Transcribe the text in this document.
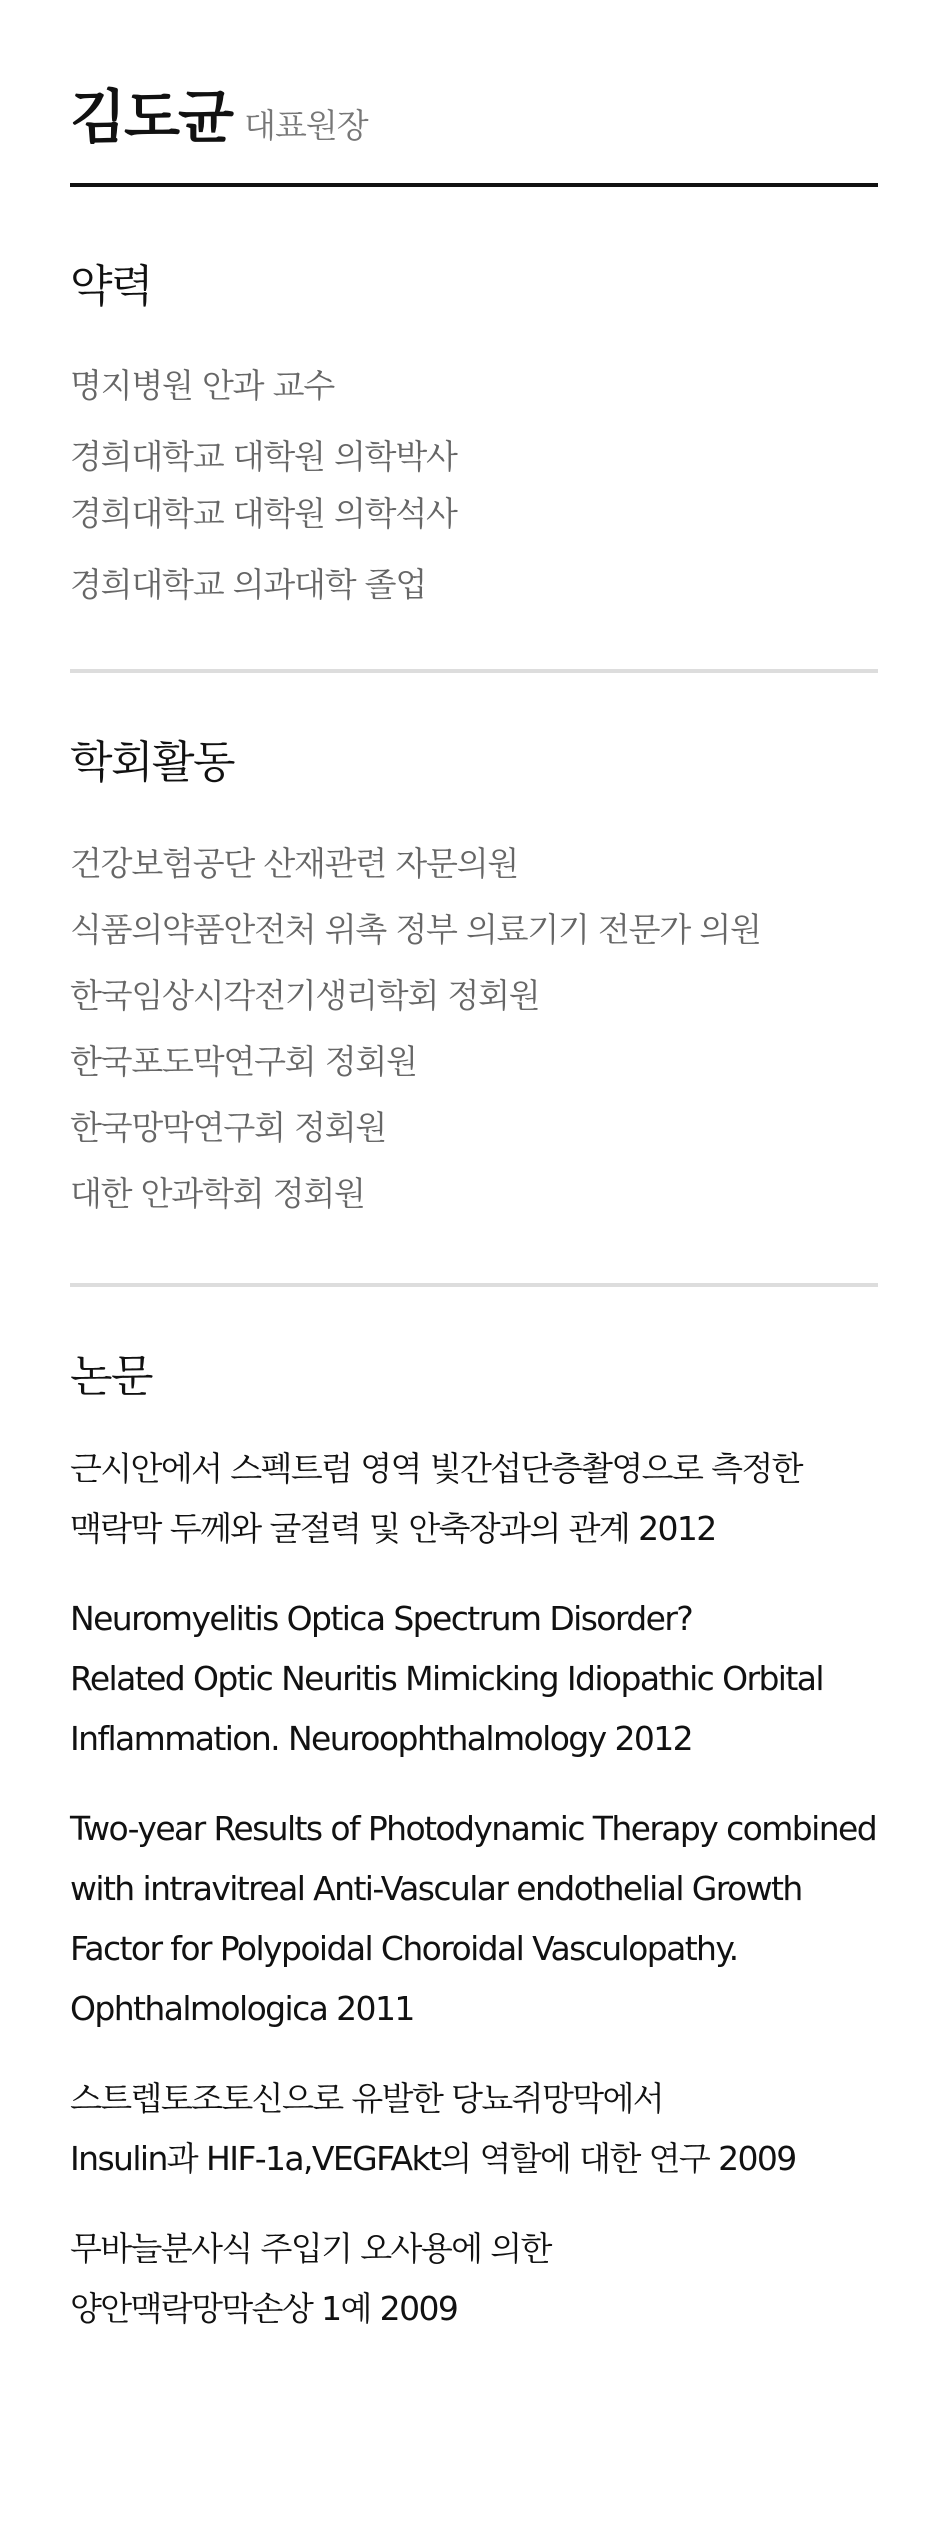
김도균 대표원장
약력
명지병원 안과 교수
경희대학교 대학원 의학박사
경희대학교 대학원 의학석사
경희대학교 의과대학 졸업
학회활동
건강보험공단 산재관련 자문의원
식품의약품안전처 위촉 정부 의료기기 전문가 의원
한국임상시각전기생리학회 정회원
한국포도막연구회 정회원
한국망막연구회 정회원
대한 안과학회 정회원
논문
근시안에서 스펙트럼 영역 빛간섭단층촬영으로 측정한
맥락막 두께와 굴절력 및 안축장과의 관계 2012
Neuromyelitis Optica Spectrum Disorder?
Related Optic Neuritis Mimicking Idiopathic Orbital
Inflammation. Neuroophthalmology 2012
Two-year Results of Photodynamic Therapy combined
with intravitreal Anti-Vascular endothelial Growth
Factor for Polypoidal Choroidal Vasculopathy.
Ophthalmologica 2011
스트렙토조토신으로 유발한 당뇨쥐망막에서
Insulin과 HIF-1a,VEGFAkt의 역할에 대한 연구 2009
무바늘분사식 주입기 오사용에 의한
양안맥락망막손상 1예 2009
